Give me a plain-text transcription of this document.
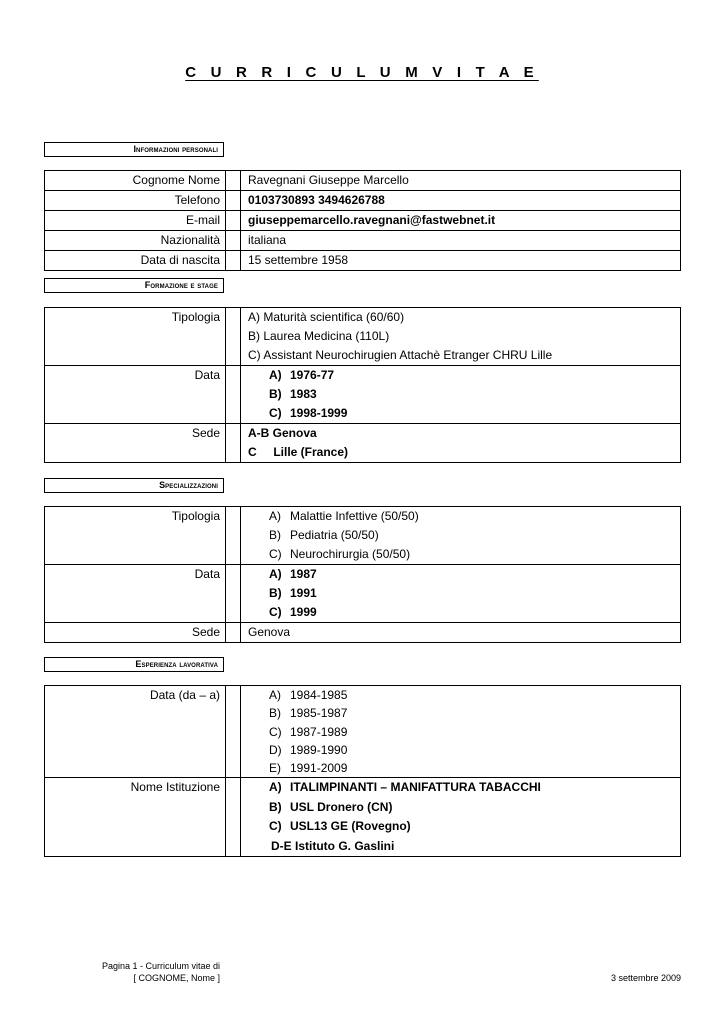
C U R R I C U L U M V I T A E
Informazioni personali
Cognome Nome		Ravegnani Giuseppe Marcello

Telefono		0103730893 3494626788

E-mail		giuseppemarcello.ravegnani@fastwebnet.it

Nazionalità		italiana

Data di nascita		15 settembre 1958
Formazione e stage
Tipologia		A) Maturità scientifica (60/60)
B) Laurea Medicina (110L)
C) Assistant Neurochirugien Attachè Etranger CHRU Lille

Data		A) 1976-77
B) 1983
C) 1998-1999

Sede		A-B Genova
C     Lille (France)
Specializzazioni
Tipologia		A) Malattie Infettive (50/50)
B) Pediatria (50/50)
C) Neurochirurgia (50/50)

Data		A) 1987
B) 1991
C) 1999

Sede		Genova
Esperienza lavorativa
Data (da – a)		A) 1984-1985
B) 1985-1987
C) 1987-1989
D) 1989-1990
E) 1991-2009

Nome Istituzione		A) ITALIMPINANTI – MANIFATTURA TABACCHI
B) USL Dronero (CN)
C) USL13 GE (Rovegno)
D-E Istituto G. Gaslini
Pagina 1 - Curriculum vitae di
[ COGNOME, Nome ]	3 settembre 2009
